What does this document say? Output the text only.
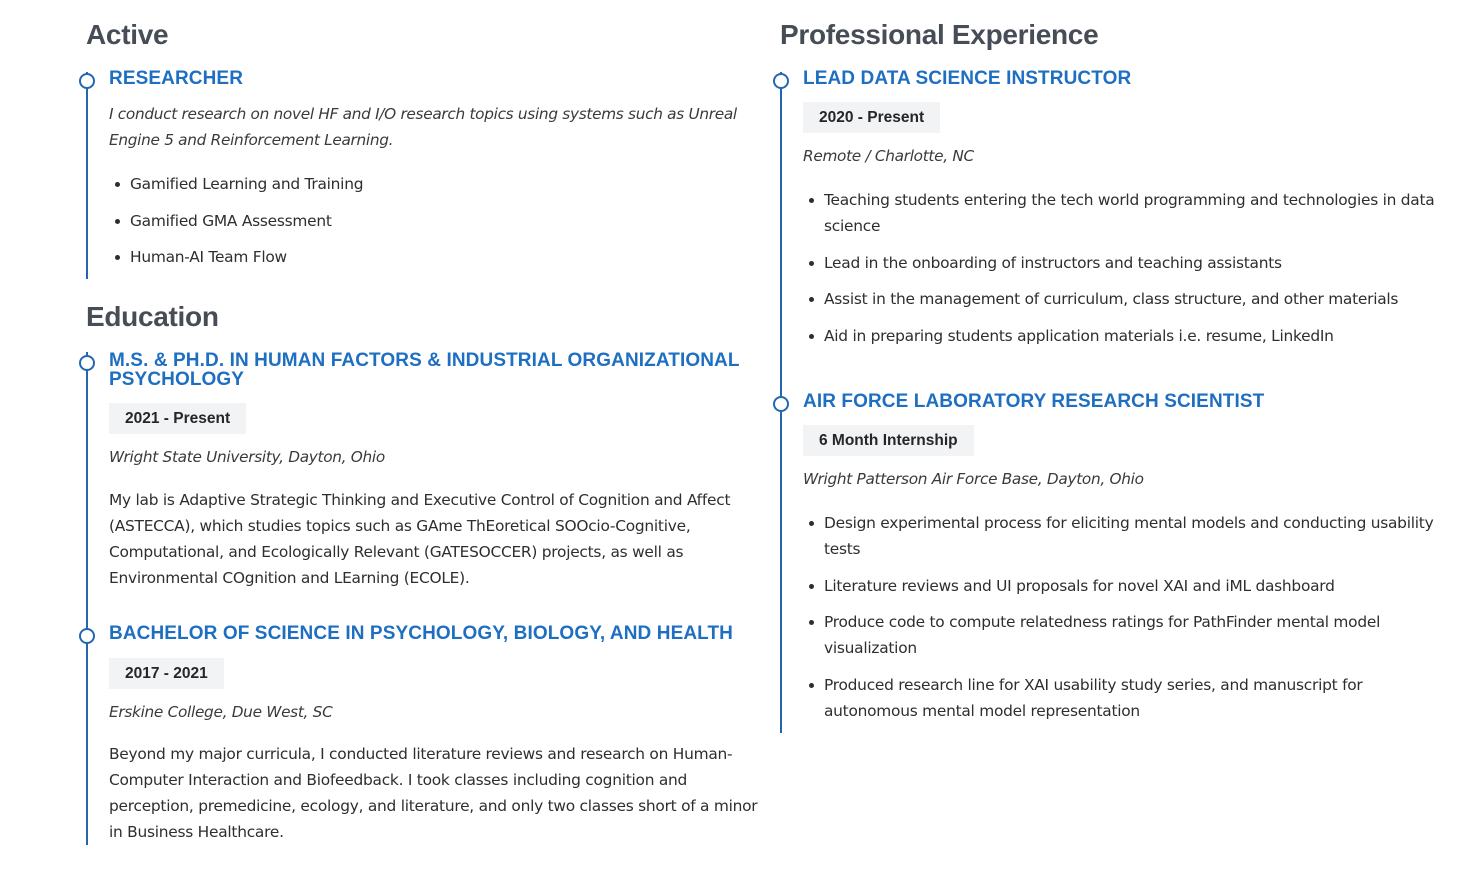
Active
RESEARCHER

I conduct research on novel HF and I/O research topics using systems such as Unreal Engine 5 and Reinforcement Learning.

Gamified Learning and Training
Gamified GMA Assessment
Human-AI Team Flow
Education
M.S. & PH.D. IN HUMAN FACTORS & INDUSTRIAL ORGANIZATIONAL PSYCHOLOGY
2021 - Present

Wright State University, Dayton, Ohio

My lab is Adaptive Strategic Thinking and Executive Control of Cognition and Affect (ASTECCA), which studies topics such as GAme ThEoretical SOOcio-Cognitive, Computational, and Ecologically Relevant (GATESOCCER) projects, as well as Environmental COgnition and LEarning (ECOLE).

BACHELOR OF SCIENCE IN PSYCHOLOGY, BIOLOGY, AND HEALTH
2017 - 2021

Erskine College, Due West, SC

Beyond my major curricula, I conducted literature reviews and research on Human-Computer Interaction and Biofeedback. I took classes including cognition and perception, premedicine, ecology, and literature, and only two classes short of a minor in Business Healthcare.

Professional Experience
LEAD DATA SCIENCE INSTRUCTOR
2020 - Present

Remote / Charlotte, NC

Teaching students entering the tech world programming and technologies in data science
Lead in the onboarding of instructors and teaching assistants
Assist in the management of curriculum, class structure, and other materials
Aid in preparing students application materials i.e. resume, LinkedIn
AIR FORCE LABORATORY RESEARCH SCIENTIST
6 Month Internship

Wright Patterson Air Force Base, Dayton, Ohio

Design experimental process for eliciting mental models and conducting usability tests
Literature reviews and UI proposals for novel XAI and iML dashboard
Produce code to compute relatedness ratings for PathFinder mental model visualization
Produced research line for XAI usability study series, and manuscript for autonomous mental model representation
